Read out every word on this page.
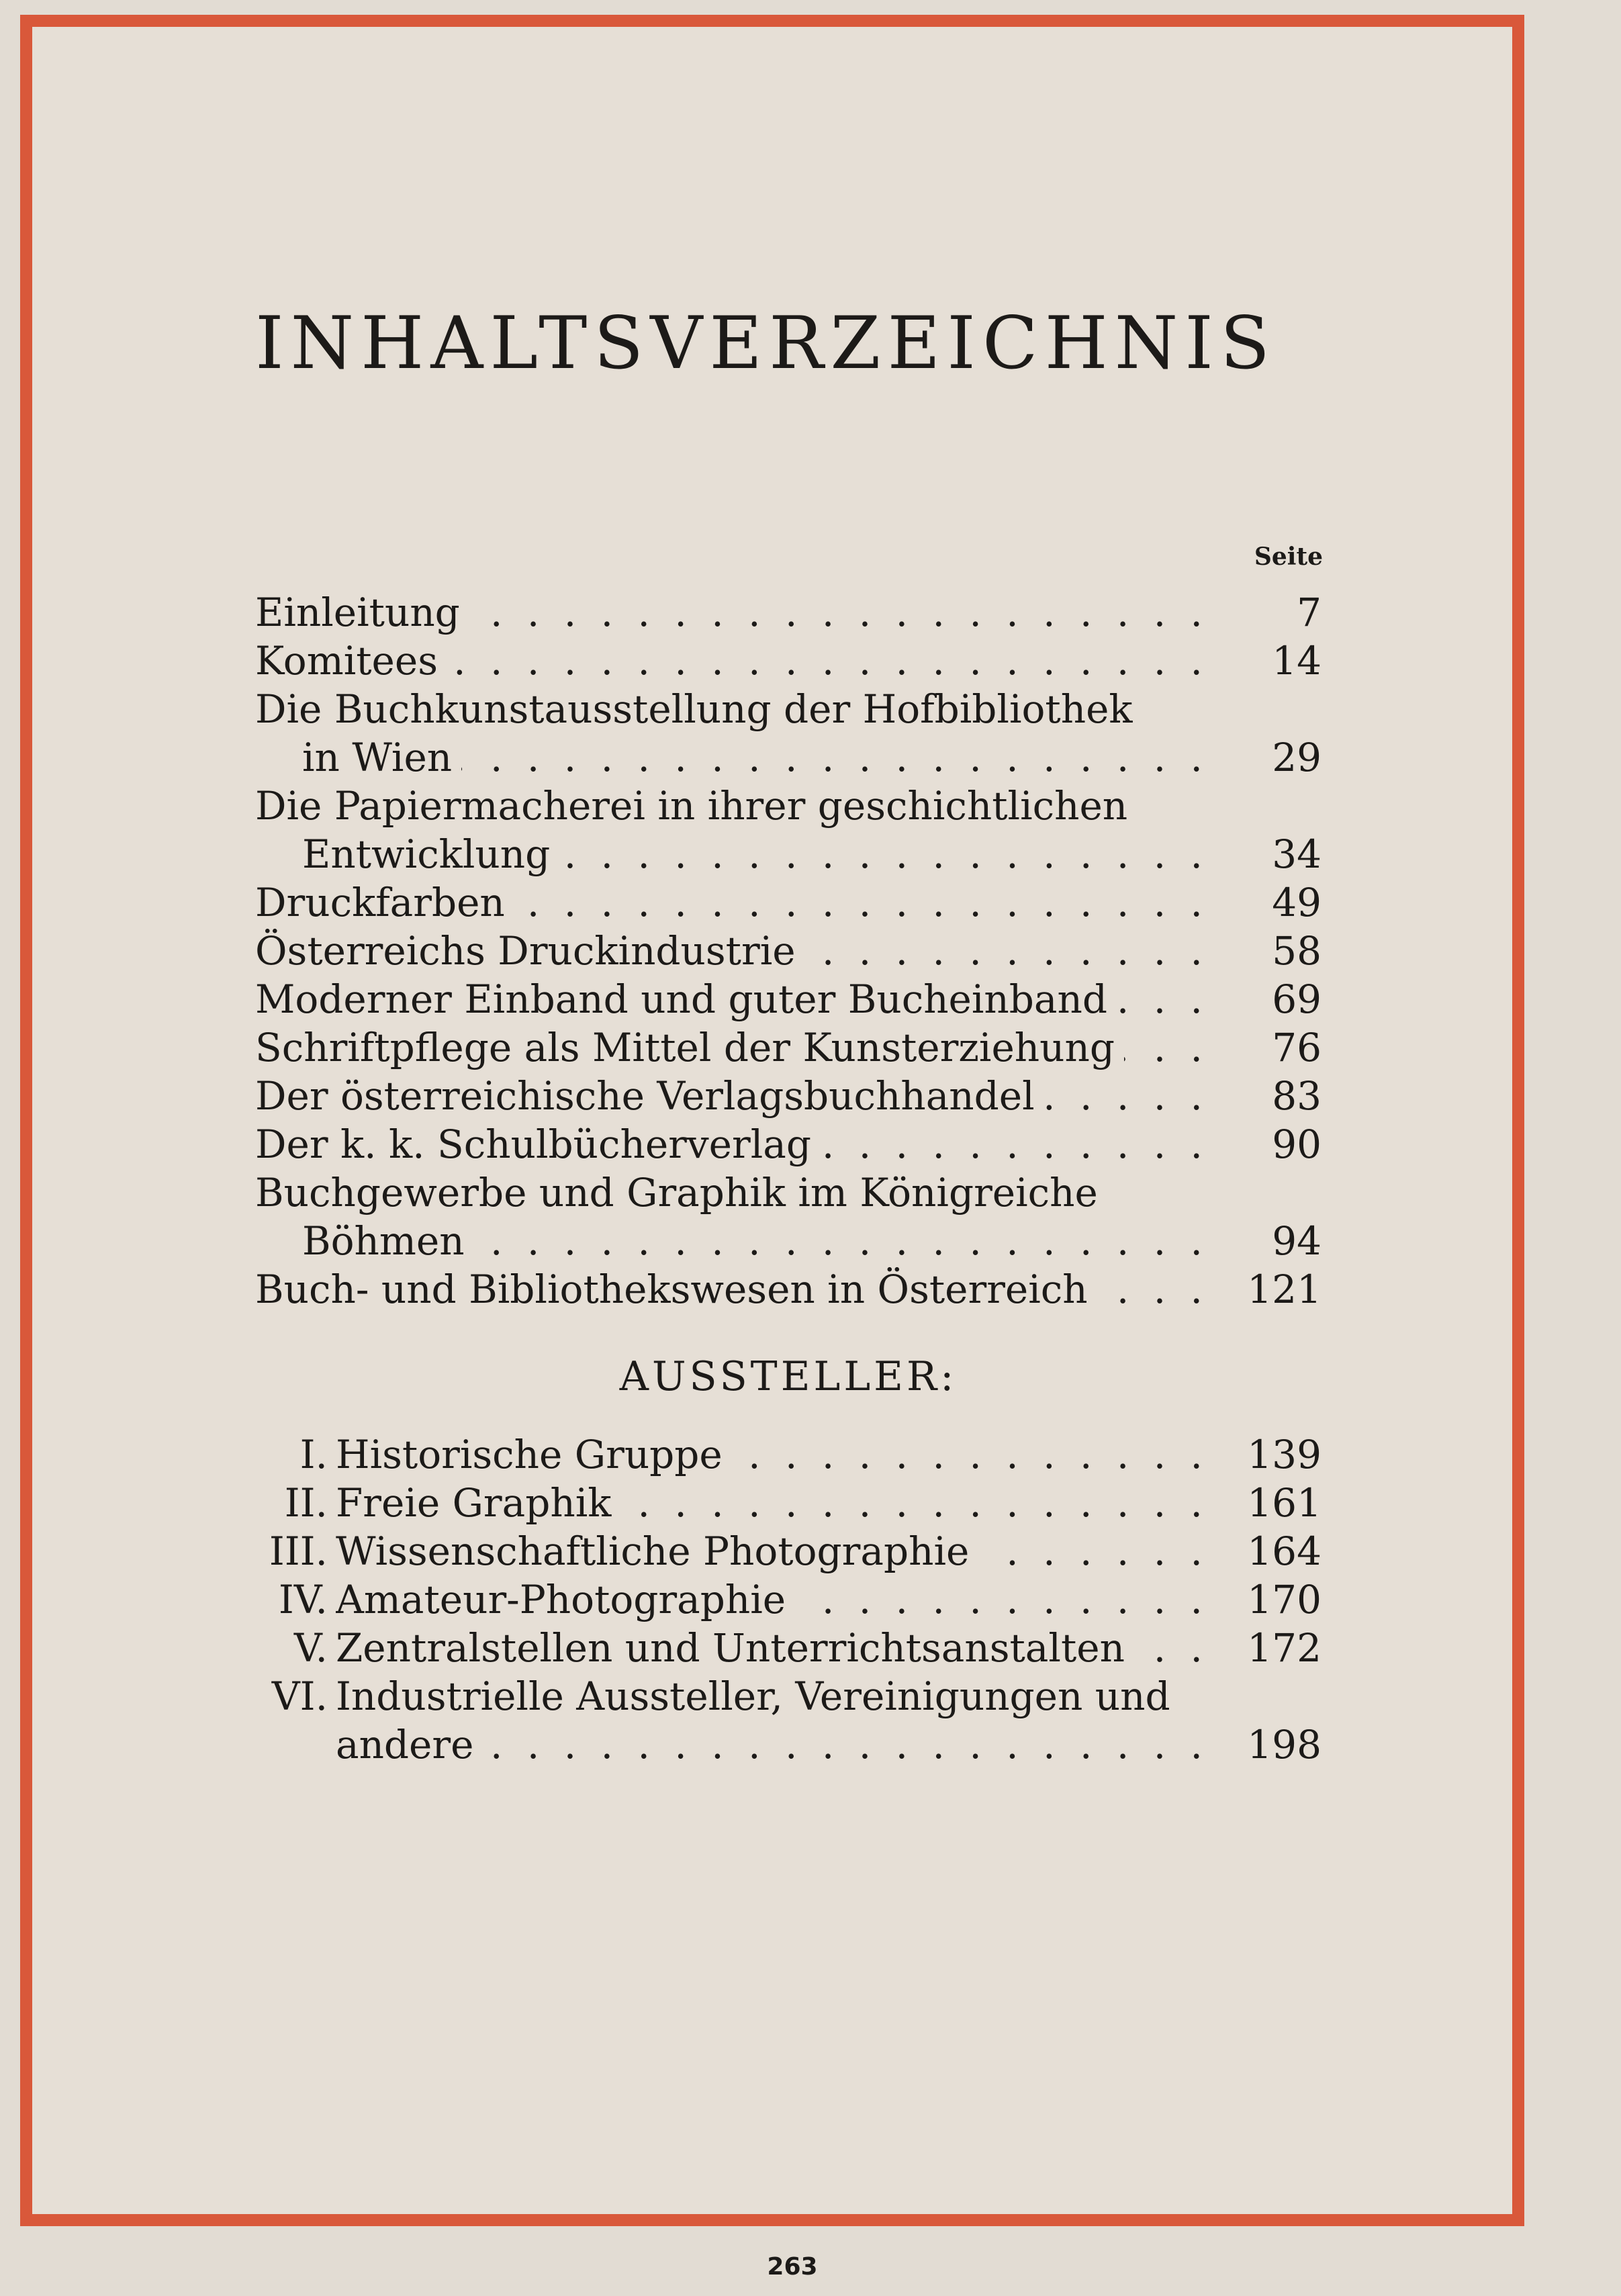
INHALTSVERZEICHNIS
Seite
Einleitung . . .	7
Komitees . . .	14
Die Buchkunstausstellung der Hofbibliothek
in Wien . . .	29
Die Papiermacherei in ihrer geschichtlichen
Entwicklung . . .	34
Druckfarben . . .	49
Österreichs Druckindustrie . . .	58
Moderner Einband und guter Bucheinband . . .	69
Schriftpflege als Mittel der Kunsterziehung . . .	76
Der österreichische Verlagsbuchhandel . . .	83
Der k. k. Schulbücherverlag . . .	90
Buchgewerbe und Graphik im Königreiche
Böhmen . . .	94
Buch- und Bibliothekswesen in Österreich . . .	121
AUSSTELLER:
I. Historische Gruppe . . .	139
II. Freie Graphik . . .	161
III. Wissenschaftliche Photographie . . .	164
IV. Amateur-Photographie . . .	170
V. Zentralstellen und Unterrichtsanstalten . . .	172
VI. Industrielle Aussteller, Vereinigungen und
andere . . .	198
263
